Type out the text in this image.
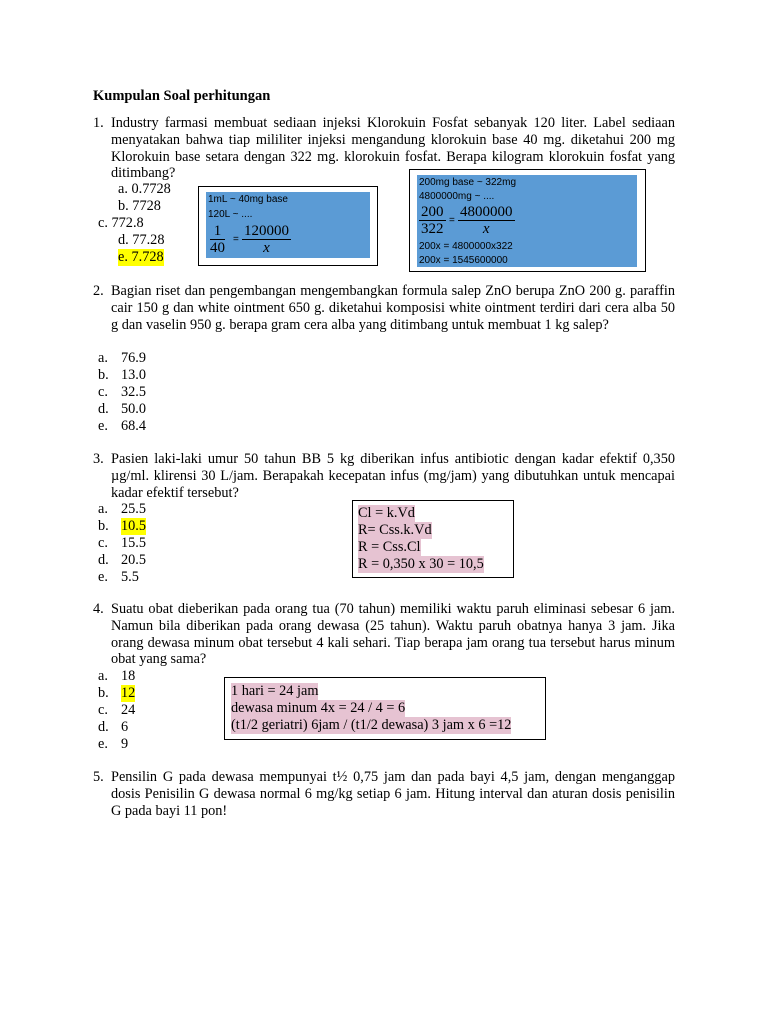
Kumpulan Soal perhitungan
1. Industry farmasi membuat sediaan injeksi Klorokuin Fosfat sebanyak 120 liter. Label sediaan menyatakan bahwa tiap mililiter injeksi mengandung klorokuin base 40 mg. diketahui 200 mg Klorokuin base setara dengan 322 mg. klorokuin fosfat. Berapa kilogram klorokuin fosfat yang ditimbang?
a. 0.7728
b. 7728
c. 772.8
d. 77.28
e. 7.728
1mL ~ 40mg base
120L ~ ....
$\frac{1}{40} = \frac{120000}{x}$
200mg base ~ 322mg
4800000mg ~ ....
$\frac{200}{322} = \frac{4800000}{x}$
200x = 4800000x322
200x = 1545600000
2. Bagian riset dan pengembangan mengembangkan formula salep ZnO berupa ZnO 200 g. paraffin cair 150 g dan white ointment 650 g. diketahui komposisi white ointment terdiri dari cera alba 50 g dan vaselin 950 g. berapa gram cera alba yang ditimbang untuk membuat 1 kg salep?
a. 76.9
b. 13.0
c. 32.5
d. 50.0
e. 68.4
3. Pasien laki-laki umur 50 tahun BB 5 kg diberikan infus antibiotic dengan kadar efektif 0,350 µg/ml. klirensi 30 L/jam. Berapakah kecepatan infus (mg/jam) yang dibutuhkan untuk mencapai kadar efektif tersebut?
a. 25.5
b. 10.5
c. 15.5
d. 20.5
e. 5.5
Cl = k.Vd
R= Css.k.Vd
R = Css.Cl
R = 0,350 x 30 = 10,5
4. Suatu obat dieberikan pada orang tua (70 tahun) memiliki waktu paruh eliminasi sebesar 6 jam. Namun bila diberikan pada orang dewasa (25 tahun). Waktu paruh obatnya hanya 3 jam. Jika orang dewasa minum obat tersebut 4 kali sehari. Tiap berapa jam orang tua tersebut harus minum obat yang sama?
a. 18
b. 12
c. 24
d. 6
e. 9
1 hari = 24 jam
dewasa minum 4x = 24 / 4 = 6
(t1/2 geriatri) 6jam / (t1/2 dewasa) 3 jam x 6 =12
5. Pensilin G pada dewasa mempunyai t½ 0,75 jam dan pada bayi 4,5 jam, dengan menganggap dosis Penisilin G dewasa normal 6 mg/kg setiap 6 jam. Hitung interval dan aturan dosis penisilin G pada bayi 11 pon!
